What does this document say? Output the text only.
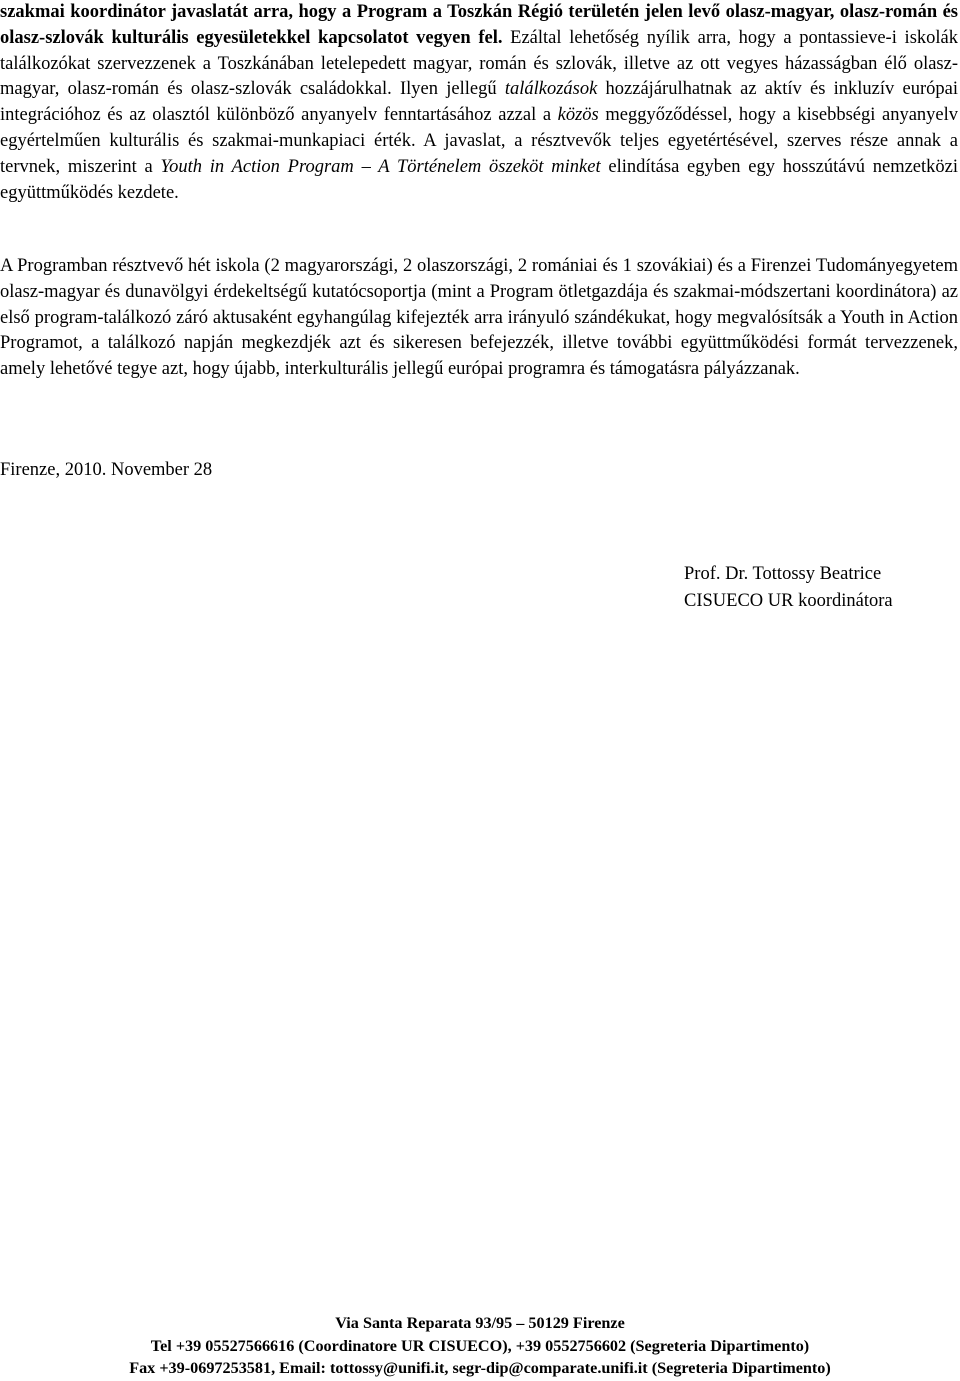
szakmai koordinátor javaslatát arra, hogy a Program a Toszkán Régió területén jelen levő olasz-magyar, olasz-román és olasz-szlovák kulturális egyesületekkel kapcsolatot vegyen fel. Ezáltal lehetőség nyílik arra, hogy a pontassieve-i iskolák találkozókat szervezzenek a Toszkánában letelepedett magyar, román és szlovák, illetve az ott vegyes házasságban élő olasz-magyar, olasz-román és olasz-szlovák családokkal. Ilyen jellegű találkozások hozzájárulhatnak az aktív és inkluzív európai integrációhoz és az olasztól különböző anyanyelv fenntartásához azzal a közös meggyőződéssel, hogy a kisebbségi anyanyelv egyértelműen kulturális és szakmai-munkapiaci érték. A javaslat, a résztvevők teljes egyetértésével, szerves része annak a tervnek, miszerint a Youth in Action Program – A Történelem öszeköt minket elindítása egyben egy hosszútávú nemzetközi együttműködés kezdete.

A Programban résztvevő hét iskola (2 magyarországi, 2 olaszországi, 2 romániai és 1 szovákiai) és a Firenzei Tudományegyetem olasz-magyar és dunavölgyi érdekeltségű kutatócsoportja (mint a Program ötletgazdája és szakmai-módszertani koordinátora) az első program-találkozó záró aktusaként egyhangúlag kifejezték arra irányuló szándékukat, hogy megvalósítsák a Youth in Action Programot, a találkozó napján megkezdjék azt és sikeresen befejezzék, illetve további együttműködési formát tervezzenek, amely lehetővé tegye azt, hogy újabb, interkulturális jellegű európai programra és támogatásra pályázzanak.

Firenze, 2010. November 28

Prof. Dr. Tottossy Beatrice
CISUECO UR koordinátora
Via Santa Reparata 93/95 – 50129 Firenze
Tel +39 05527566616 (Coordinatore UR CISUECO), +39 0552756602 (Segreteria Dipartimento)
Fax +39-0697253581, Email: tottossy@unifi.it, segr-dip@comparate.unifi.it (Segreteria Dipartimento)
